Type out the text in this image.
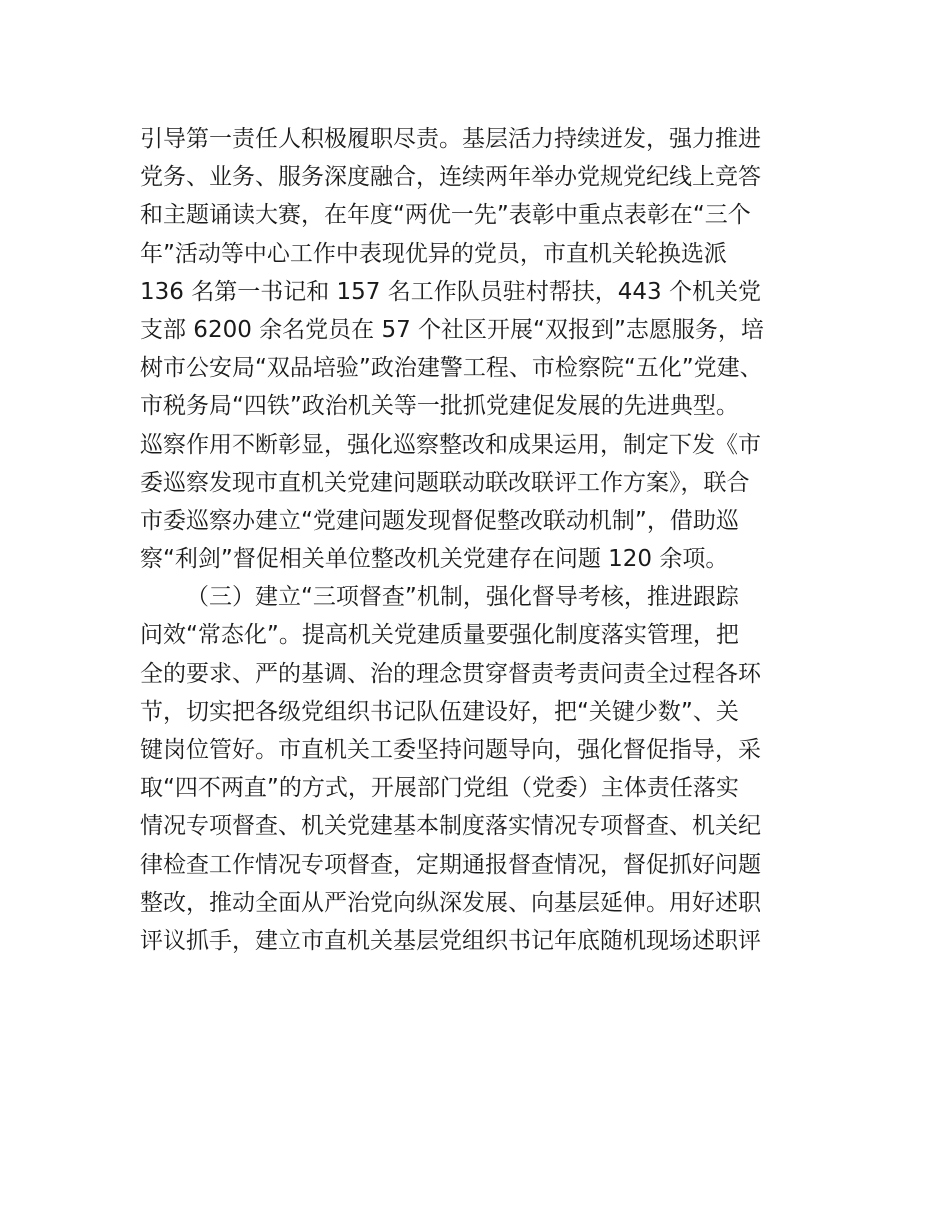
引导第一责任人积极履职尽责。基层活力持续迸发，强力推进
党务、业务、服务深度融合，连续两年举办党规党纪线上竞答
和主题诵读大赛，在年度“两优一先”表彰中重点表彰在“三个
年”活动等中心工作中表现优异的党员，市直机关轮换选派
136 名第一书记和 157 名工作队员驻村帮扶，443 个机关党
支部 6200 余名党员在 57 个社区开展“双报到”志愿服务，培
树市公安局“双品培验”政治建警工程、市检察院“五化”党建、
市税务局“四铁”政治机关等一批抓党建促发展的先进典型。
巡察作用不断彰显，强化巡察整改和成果运用，制定下发《市
委巡察发现市直机关党建问题联动联改联评工作方案》，联合
市委巡察办建立“党建问题发现督促整改联动机制”，借助巡
察“利剑”督促相关单位整改机关党建存在问题 120 余项。
（三）建立“三项督查”机制，强化督导考核，推进跟踪
问效“常态化”。提高机关党建质量要强化制度落实管理，把
全的要求、严的基调、治的理念贯穿督责考责问责全过程各环
节，切实把各级党组织书记队伍建设好，把“关键少数”、关
键岗位管好。市直机关工委坚持问题导向，强化督促指导，采
取“四不两直”的方式，开展部门党组（党委）主体责任落实
情况专项督查、机关党建基本制度落实情况专项督查、机关纪
律检查工作情况专项督查，定期通报督查情况，督促抓好问题
整改，推动全面从严治党向纵深发展、向基层延伸。用好述职
评议抓手，建立市直机关基层党组织书记年底随机现场述职评
